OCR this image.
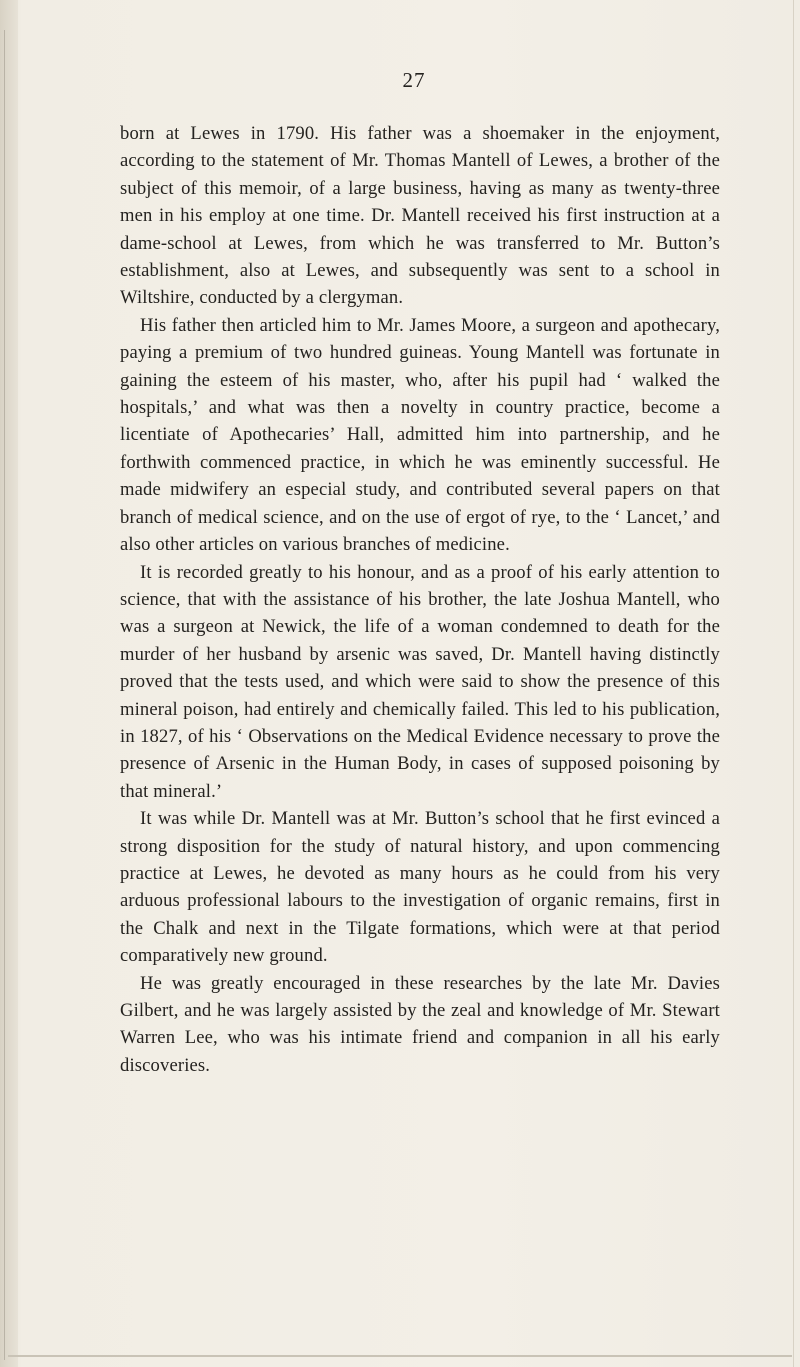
27

born at Lewes in 1790. His father was a shoemaker in the enjoyment, according to the statement of Mr. Thomas Mantell of Lewes, a brother of the subject of this memoir, of a large business, having as many as twenty-three men in his employ at one time. Dr. Mantell received his first instruction at a dame-school at Lewes, from which he was transferred to Mr. Button’s establishment, also at Lewes, and subsequently was sent to a school in Wiltshire, conducted by a clergyman.

His father then articled him to Mr. James Moore, a surgeon and apothecary, paying a premium of two hundred guineas. Young Mantell was fortunate in gaining the esteem of his master, who, after his pupil had ‘ walked the hospitals,’ and what was then a novelty in country practice, become a licentiate of Apothecaries’ Hall, admitted him into partnership, and he forthwith commenced practice, in which he was eminently successful. He made midwifery an especial study, and contributed several papers on that branch of medical science, and on the use of ergot of rye, to the ‘ Lancet,’ and also other articles on various branches of medicine.

It is recorded greatly to his honour, and as a proof of his early attention to science, that with the assistance of his brother, the late Joshua Mantell, who was a surgeon at Newick, the life of a woman condemned to death for the murder of her husband by arsenic was saved, Dr. Mantell having distinctly proved that the tests used, and which were said to show the presence of this mineral poison, had entirely and chemically failed. This led to his publication, in 1827, of his ‘ Observations on the Medical Evidence necessary to prove the presence of Arsenic in the Human Body, in cases of supposed poisoning by that mineral.’

It was while Dr. Mantell was at Mr. Button’s school that he first evinced a strong disposition for the study of natural history, and upon commencing practice at Lewes, he devoted as many hours as he could from his very arduous professional labours to the investigation of organic remains, first in the Chalk and next in the Tilgate formations, which were at that period comparatively new ground.

He was greatly encouraged in these researches by the late Mr. Davies Gilbert, and he was largely assisted by the zeal and knowledge of Mr. Stewart Warren Lee, who was his intimate friend and companion in all his early discoveries.
